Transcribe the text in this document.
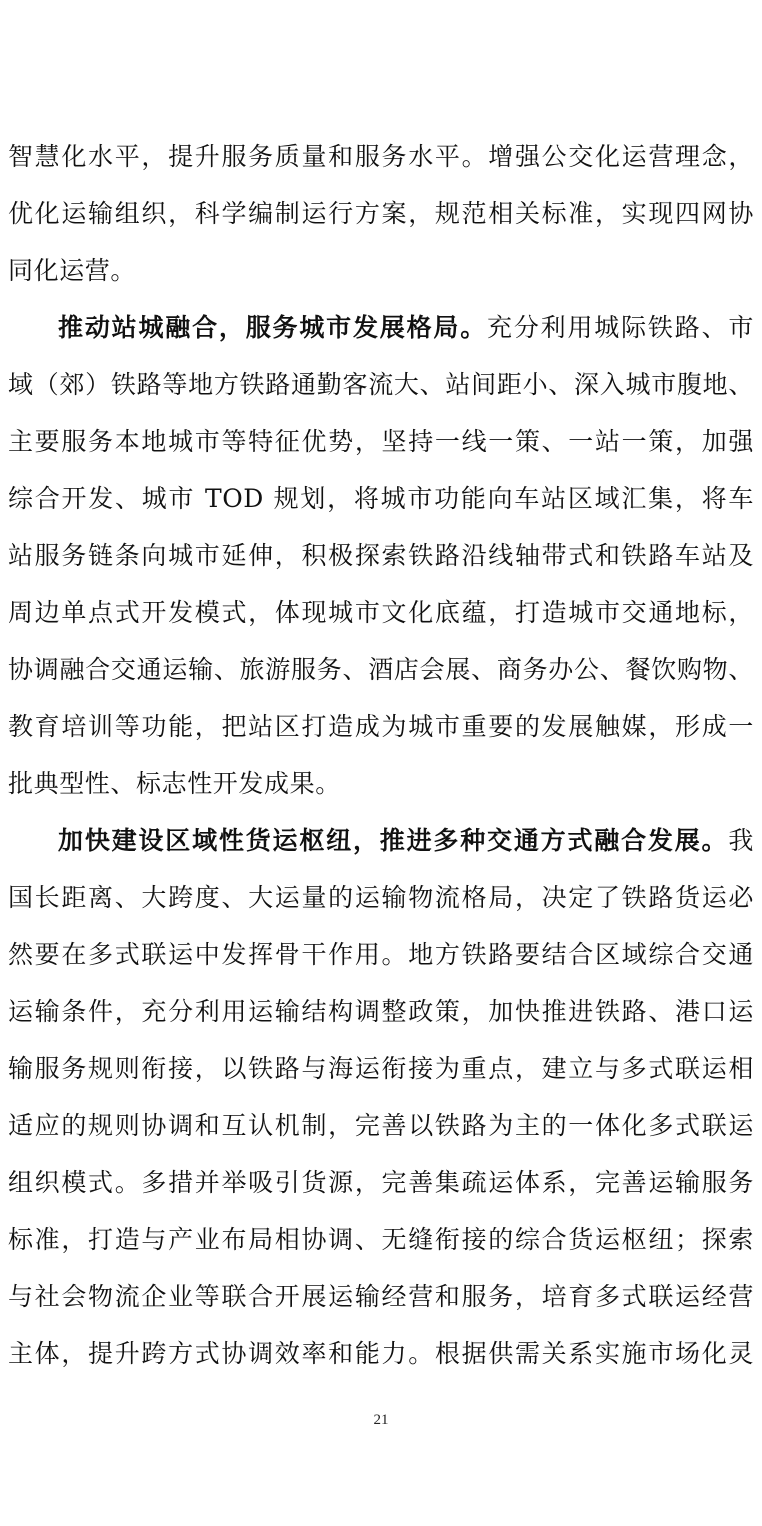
智慧化水平，提升服务质量和服务水平。增强公交化运营理念，
优化运输组织，科学编制运行方案，规范相关标准，实现四网协
同化运营。
推动站城融合，服务城市发展格局。充分利用城际铁路、市
域（郊）铁路等地方铁路通勤客流大、站间距小、深入城市腹地、
主要服务本地城市等特征优势，坚持一线一策、一站一策，加强
综合开发、城市 TOD 规划，将城市功能向车站区域汇集，将车
站服务链条向城市延伸，积极探索铁路沿线轴带式和铁路车站及
周边单点式开发模式，体现城市文化底蕴，打造城市交通地标，
协调融合交通运输、旅游服务、酒店会展、商务办公、餐饮购物、
教育培训等功能，把站区打造成为城市重要的发展触媒，形成一
批典型性、标志性开发成果。
加快建设区域性货运枢纽，推进多种交通方式融合发展。我
国长距离、大跨度、大运量的运输物流格局，决定了铁路货运必
然要在多式联运中发挥骨干作用。地方铁路要结合区域综合交通
运输条件，充分利用运输结构调整政策，加快推进铁路、港口运
输服务规则衔接，以铁路与海运衔接为重点，建立与多式联运相
适应的规则协调和互认机制，完善以铁路为主的一体化多式联运
组织模式。多措并举吸引货源，完善集疏运体系，完善运输服务
标准，打造与产业布局相协调、无缝衔接的综合货运枢纽；探索
与社会物流企业等联合开展运输经营和服务，培育多式联运经营
主体，提升跨方式协调效率和能力。根据供需关系实施市场化灵
21
